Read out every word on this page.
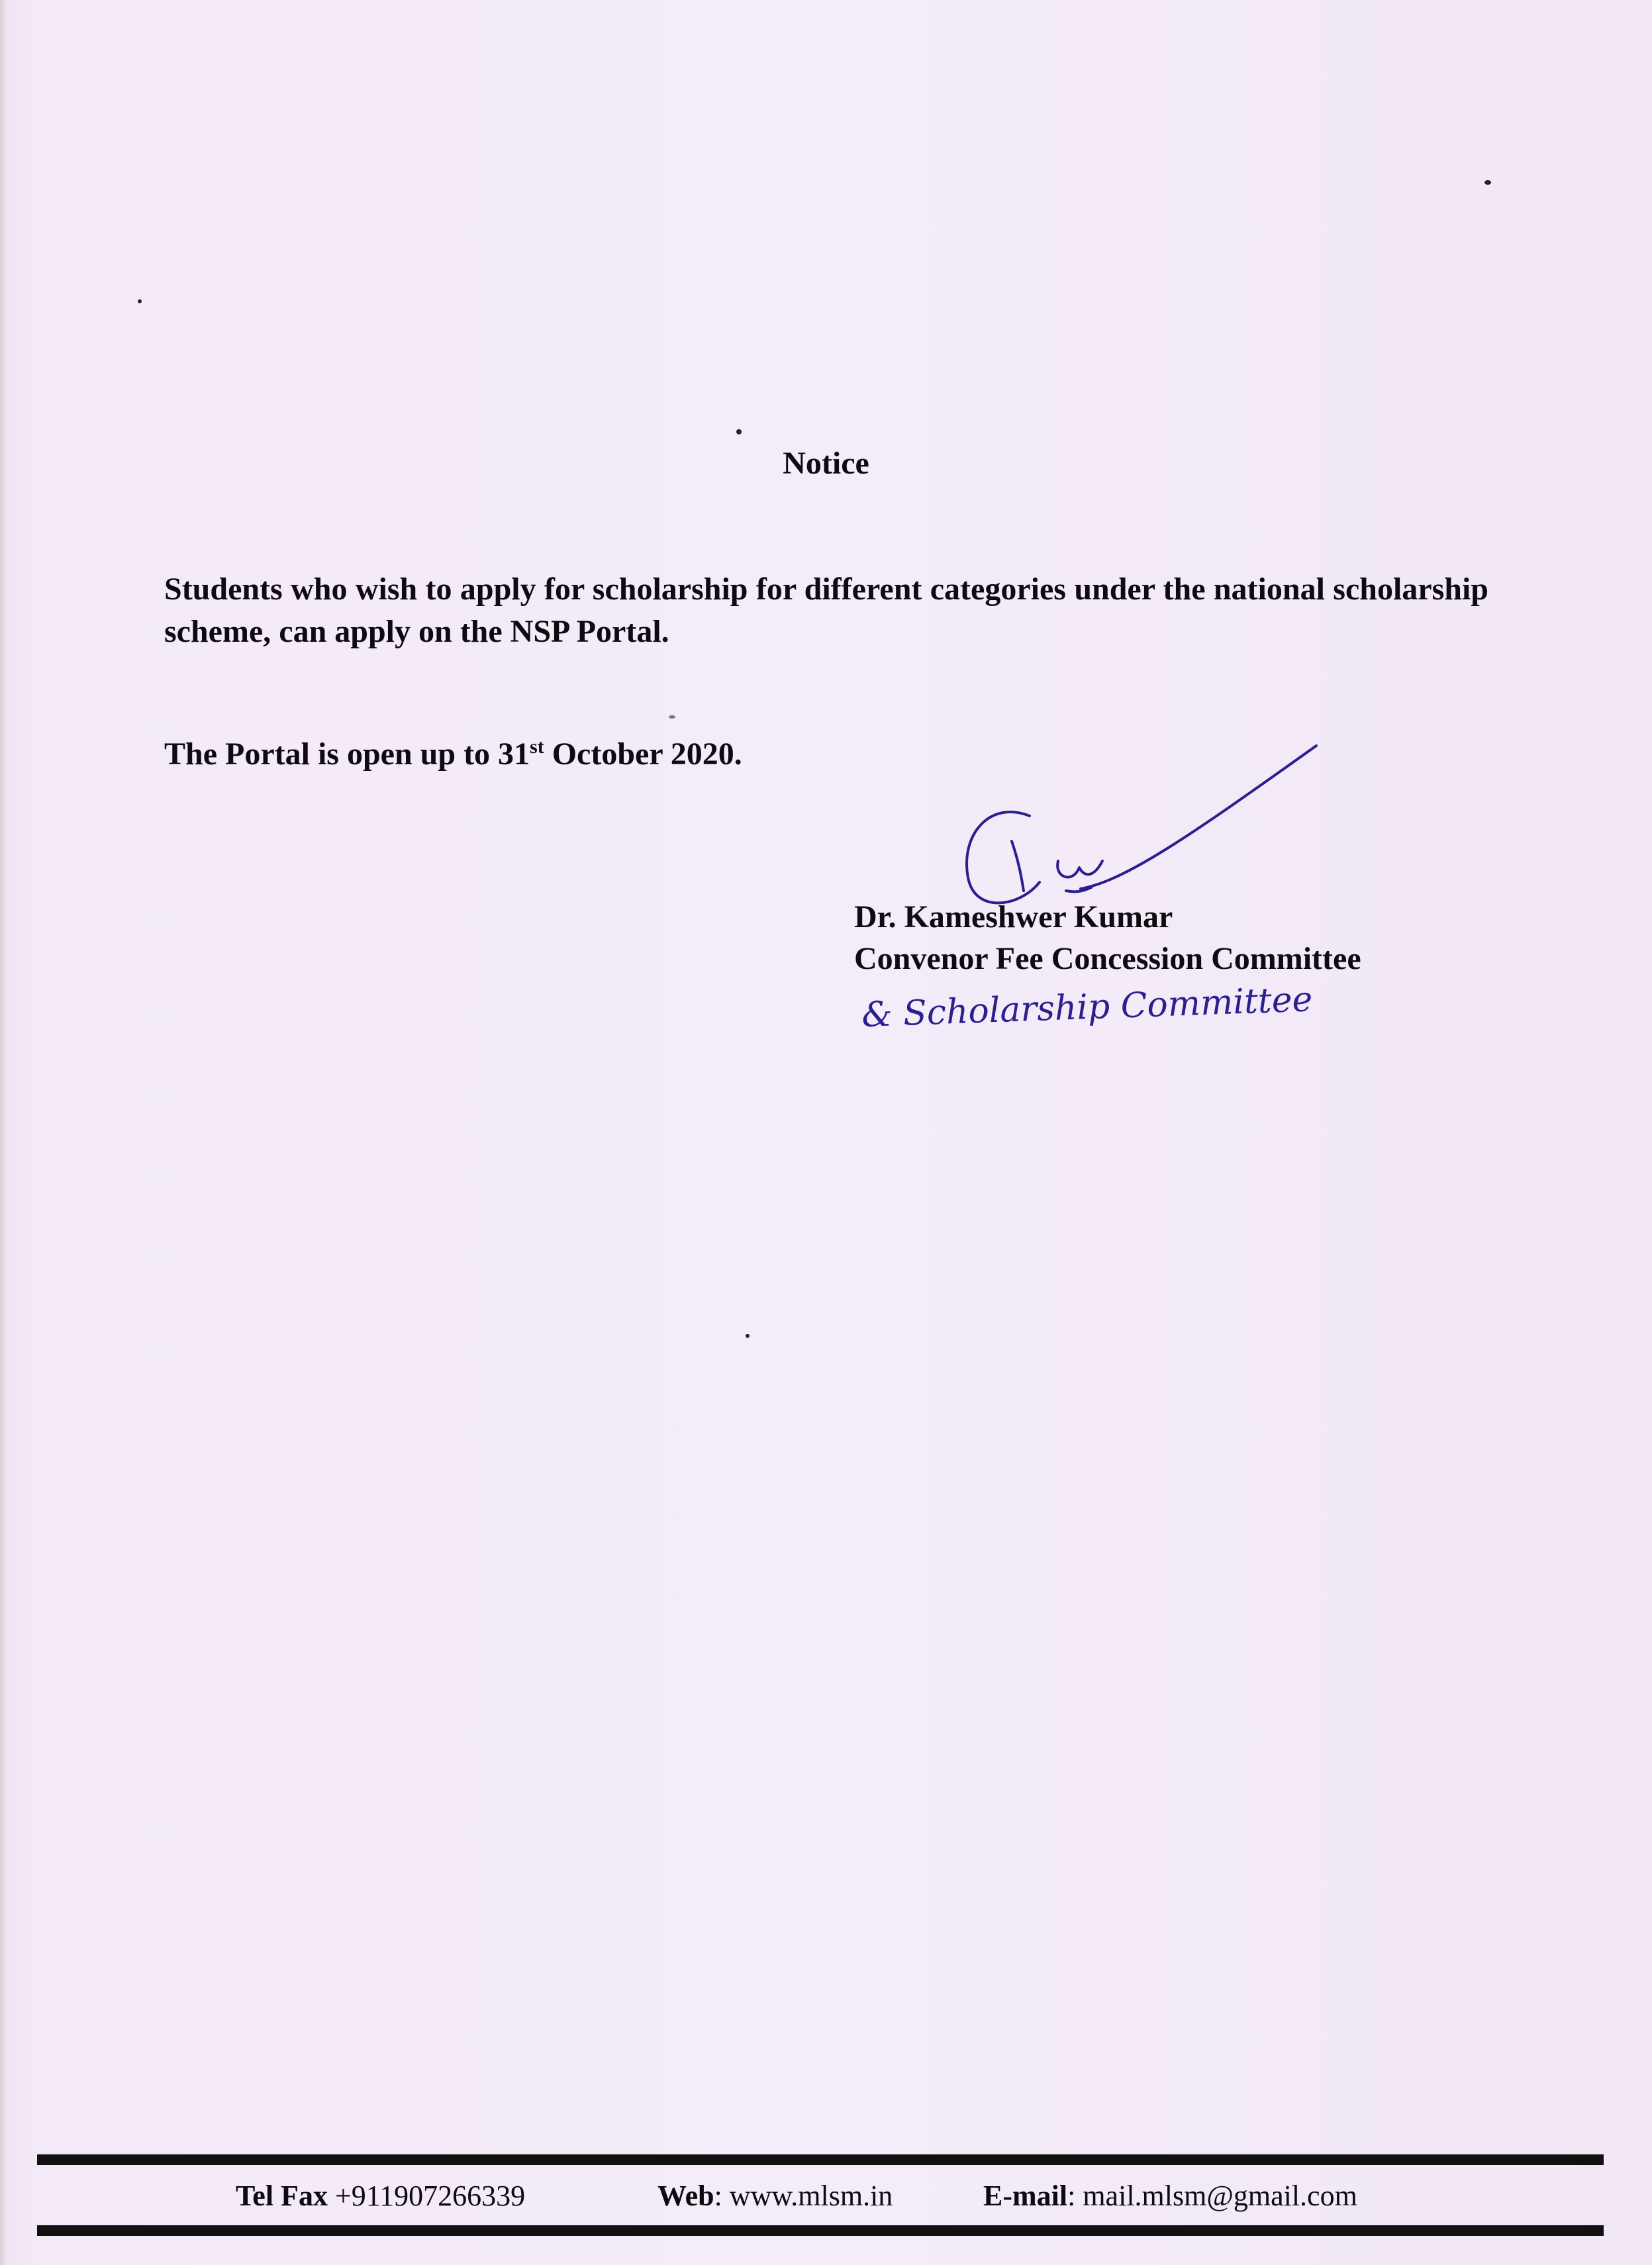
Notice
Students who wish to apply for scholarship for different categories under the national scholarship scheme, can apply on the NSP Portal.
The Portal is open up to 31st October 2020.
Dr. Kameshwer Kumar
Convenor Fee Concession Committee
& Scholarship Committee
Tel Fax +911907266339	Web: www.mlsm.in	E-mail: mail.mlsm@gmail.com
